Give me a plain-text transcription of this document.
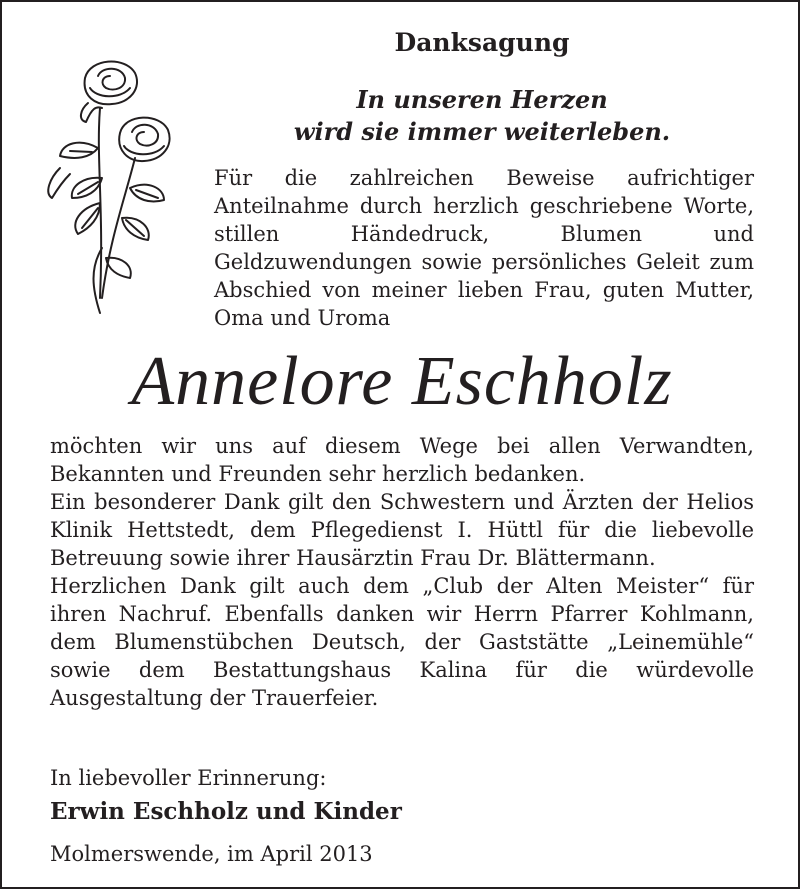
Danksagung
In unseren Herzen
wird sie immer weiterleben.
Für die zahlreichen Beweise aufrichtiger Anteilnahme durch herzlich geschriebene Worte, stillen Händedruck, Blumen und Geldzuwendungen sowie persönliches Geleit zum Abschied von meiner lieben Frau, guten Mutter, Oma und Uroma
Annelore Eschholz

möchten wir uns auf diesem Wege bei allen Verwandten, Bekannten und Freunden sehr herzlich bedanken.

Ein besonderer Dank gilt den Schwestern und Ärzten der Helios Klinik Hettstedt, dem Pflegedienst I. Hüttl für die liebevolle Betreuung sowie ihrer Hausärztin Frau Dr. Blättermann.

Herzlichen Dank gilt auch dem „Club der Alten Meister“ für ihren Nachruf. Ebenfalls danken wir Herrn Pfarrer Kohlmann, dem Blumenstübchen Deutsch, der Gaststätte „Leinemühle“ sowie dem Bestattungshaus Kalina für die würdevolle Ausgestaltung der Trauerfeier.

In liebevoller Erinnerung:
Erwin Eschholz und Kinder
Molmerswende, im April 2013
